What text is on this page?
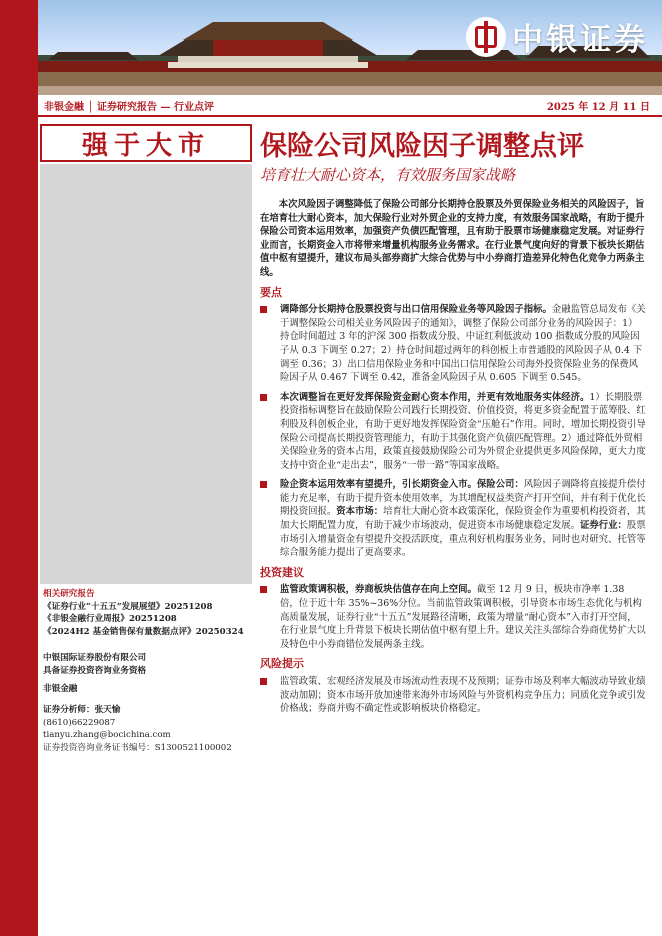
中银证券
非银金融 │ 证券研究报告 — 行业点评	2025 年 12 月 11 日
强于大市	保险公司风险因子调整点评
培育壮大耐心资本，有效服务国家战略

本次风险因子调整降低了保险公司部分长期持仓股票及外贸保险业务相关的风险因子，旨在培育壮大耐心资本，加大保险行业对外贸企业的支持力度，有效服务国家战略，有助于提升保险公司资本运用效率，加强资产负债匹配管理，且有助于股票市场健康稳定发展。对证券行业而言，长期资金入市将带来增量机构服务业务需求。在行业景气度向好的背景下板块长期估值中枢有望提升，建议布局头部券商扩大综合优势与中小券商打造差异化特色化竞争力两条主线。

要点
调降部分长期持仓股票投资与出口信用保险业务等风险因子指标。金融监管总局发布《关于调整保险公司相关业务风险因子的通知》，调整了保险公司部分业务的风险因子：1）持仓时间超过 3 年的沪深 300 指数成分股、中证红利低波动 100 指数成分股的风险因子从 0.3 下调至 0.27；2）持仓时间超过两年的科创板上市普通股的风险因子从 0.4 下调至 0.36；3）出口信用保险业务和中国出口信用保险公司海外投资保险业务的保费风险因子从 0.467 下调至 0.42，准备金风险因子从 0.605 下调至 0.545。
本次调整旨在更好发挥保险资金耐心资本作用，并更有效地服务实体经济。1）长期股票投资指标调整旨在鼓励保险公司践行长期投资、价值投资，将更多资金配置于蓝筹股、红利股及科创板企业，有助于更好地发挥保险资金“压舱石”作用。同时，增加长期投资引导保险公司提高长期投资管理能力，有助于其强化资产负债匹配管理。2）通过降低外贸相关保险业务的资本占用，政策直接鼓励保险公司为外贸企业提供更多风险保障，更大力度支持中资企业“走出去”，服务“一带一路”等国家战略。
险企资本运用效率有望提升，引长期资金入市。保险公司：风险因子调降将直接提升偿付能力充足率，有助于提升资本使用效率，为其增配权益类资产打开空间，并有利于优化长期投资回报。资本市场：培育壮大耐心资本政策深化，保险资金作为重要机构投资者，其加大长期配置力度，有助于减少市场波动，促进资本市场健康稳定发展。证券行业：股票市场引入增量资金有望提升交投活跃度，重点利好机构服务业务，同时也对研究、托管等综合服务能力提出了更高要求。
投资建议
监管政策调积极，券商板块估值存在向上空间。截至 12 月 9 日，板块市净率 1.38 倍，位于近十年 35%~36%分位。当前监管政策调积极，引导资本市场生态优化与机构高质量发展，证券行业“十五五”发展路径清晰，政策为增量“耐心资本”入市打开空间，在行业景气度上升背景下板块长期估值中枢有望上升。建议关注头部综合券商优势扩大以及特色中小券商错位发展两条主线。
风险提示
监管政策、宏观经济发展及市场流动性表现不及预期；证券市场及利率大幅波动导致业绩波动加剧；资本市场开放加速带来海外市场风险与外资机构竞争压力；同质化竞争或引发价格战；券商并购不确定性或影响板块价格稳定。
相关研究报告
《证券行业“十五五”发展展望》20251208
《非银金融行业周报》20251208
《2024H2 基金销售保有量数据点评》20250324
中银国际证券股份有限公司
具备证券投资咨询业务资格
非银金融
证券分析师：张天愉
(8610)66229087
tianyu.zhang@bocichina.com
证券投资咨询业务证书编号：S1300521100002
